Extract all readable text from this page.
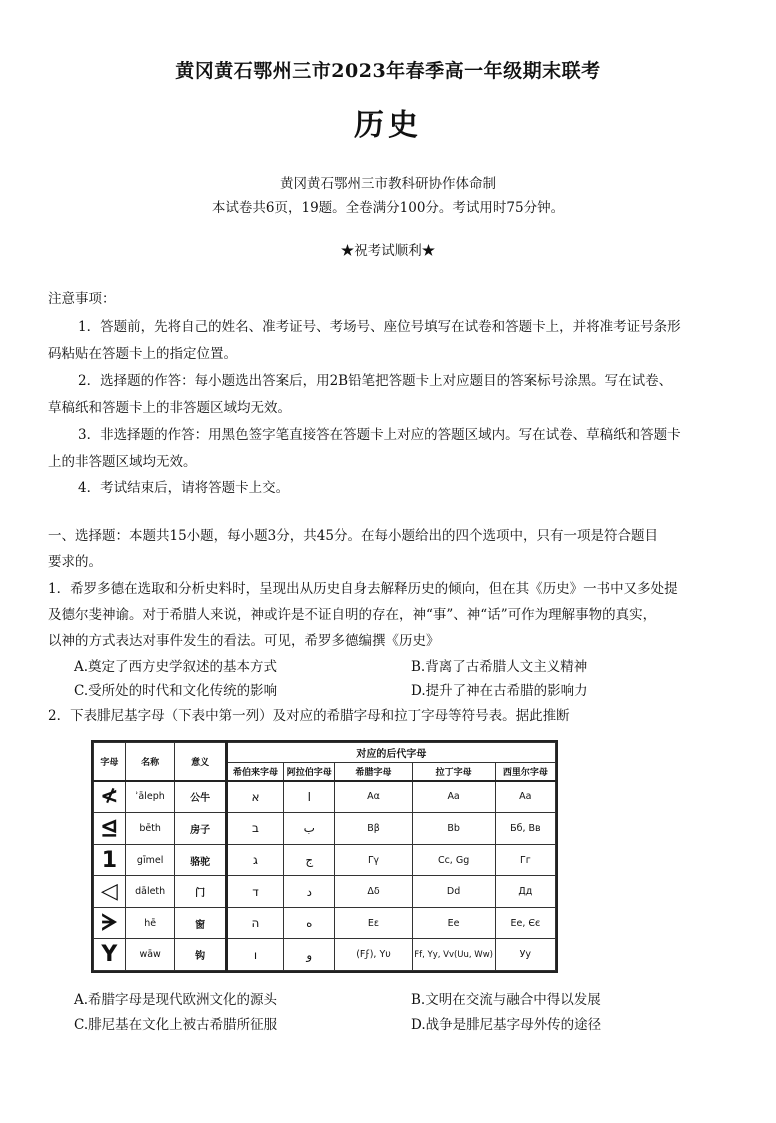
黄冈黄石鄂州三市2023年春季高一年级期末联考
历史
黄冈黄石鄂州三市教科研协作体命制
本试卷共6页，19题。全卷满分100分。考试用时75分钟。
★祝考试顺利★
注意事项：
1．答题前，先将自己的姓名、准考证号、考场号、座位号填写在试卷和答题卡上，并将准考证号条形
码粘贴在答题卡上的指定位置。
2．选择题的作答：每小题选出答案后，用2B铅笔把答题卡上对应题目的答案标号涂黑。写在试卷、
草稿纸和答题卡上的非答题区域均无效。
3．非选择题的作答：用黑色签字笔直接答在答题卡上对应的答题区域内。写在试卷、草稿纸和答题卡
上的非答题区域均无效。
4．考试结束后，请将答题卡上交。
一、选择题：本题共15小题，每小题3分，共45分。在每小题给出的四个选项中，只有一项是符合题目
要求的。
1．希罗多德在选取和分析史料时，呈现出从历史自身去解释历史的倾向，但在其《历史》一书中又多处提
及德尔斐神谕。对于希腊人来说，神或许是不证自明的存在，神“事”、神“话”可作为理解事物的真实，
以神的方式表达对事件发生的看法。可见，希罗多德编撰《历史》
A.奠定了西方史学叙述的基本方式	B.背离了古希腊人文主义精神
C.受所处的时代和文化传统的影响	D.提升了神在古希腊的影响力
2．下表腓尼基字母（下表中第一列）及对应的希腊字母和拉丁字母等符号表。据此推断
字母	名称	意义	对应的后代字母				
			希伯来字母	阿拉伯字母	希腊字母	拉丁字母	西里尔字母
≮	ʾāleph	公牛	א	ا	Aα	Aa	Aa
⊴	bēth	房子	ב	ب	Bβ	Bb	Бб, Вв
1	gīmel	骆驼	ג	ج	Γγ	Cc, Gg	Гг
◁	dāleth	门	ד	د	Δδ	Dd	Дд
ᗒ	hē	窗	ה	ه	Eε	Ee	Ee, Єє
Y	wāw	钩	ו	و	(Ϝϝ), Υυ	Ff, Yy, Vv(Uu, Ww)	Уу
A.希腊字母是现代欧洲文化的源头	B.文明在交流与融合中得以发展
C.腓尼基在文化上被古希腊所征服	D.战争是腓尼基字母外传的途径
